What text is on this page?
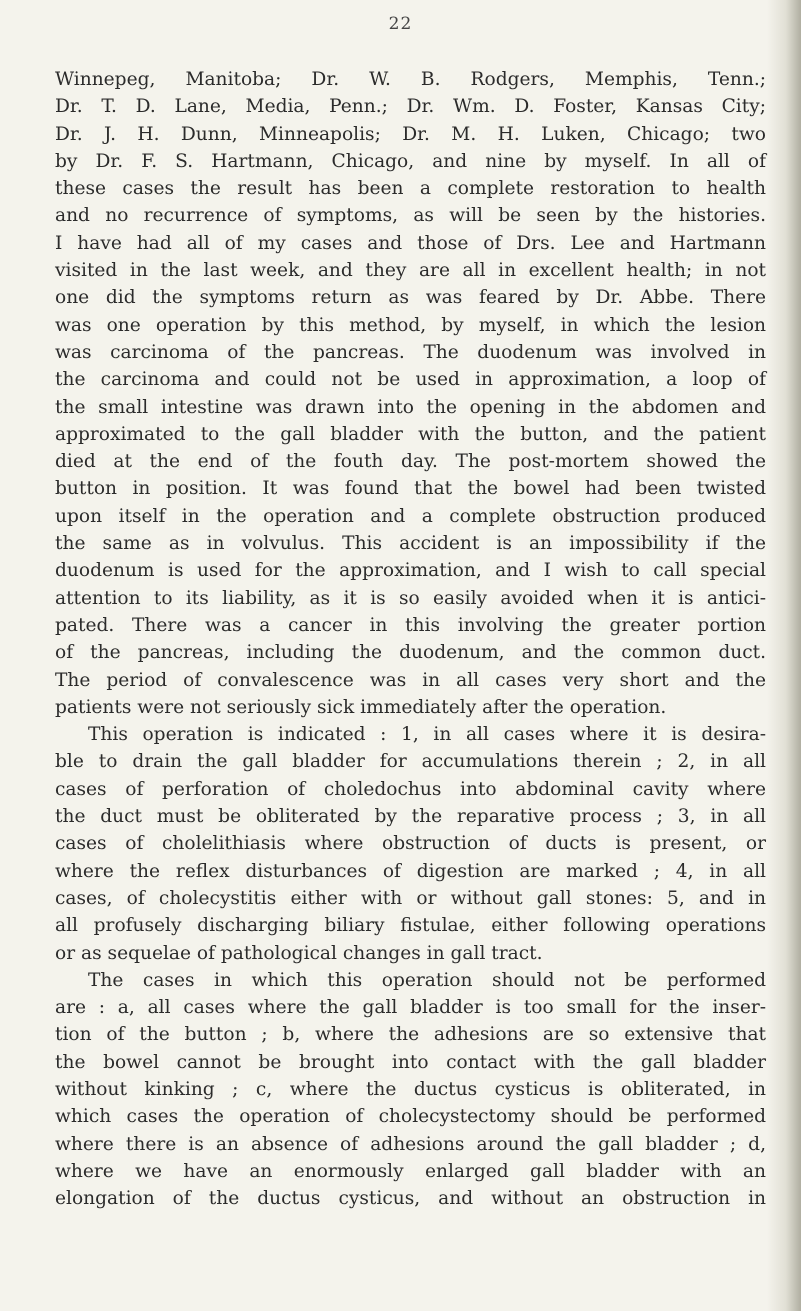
22
Winnepeg, Manitoba; Dr. W. B. Rodgers, Memphis, Tenn.;
Dr. T. D. Lane, Media, Penn.; Dr. Wm. D. Foster, Kansas City;
Dr. J. H. Dunn, Minneapolis; Dr. M. H. Luken, Chicago; two
by Dr. F. S. Hartmann, Chicago, and nine by myself. In all of
these cases the result has been a complete restoration to health
and no recurrence of symptoms, as will be seen by the histories.
I have had all of my cases and those of Drs. Lee and Hartmann
visited in the last week, and they are all in excellent health; in not
one did the symptoms return as was feared by Dr. Abbe. There
was one operation by this method, by myself, in which the lesion
was carcinoma of the pancreas. The duodenum was involved in
the carcinoma and could not be used in approximation, a loop of
the small intestine was drawn into the opening in the abdomen and
approximated to the gall bladder with the button, and the patient
died at the end of the fouth day. The post-mortem showed the
button in position. It was found that the bowel had been twisted
upon itself in the operation and a complete obstruction produced
the same as in volvulus. This accident is an impossibility if the
duodenum is used for the approximation, and I wish to call special
attention to its liability, as it is so easily avoided when it is antici-
pated. There was a cancer in this involving the greater portion
of the pancreas, including the duodenum, and the common duct.
The period of convalescence was in all cases very short and the
patients were not seriously sick immediately after the operation.
This operation is indicated : 1, in all cases where it is desira-
ble to drain the gall bladder for accumulations therein ; 2, in all
cases of perforation of choledochus into abdominal cavity where
the duct must be obliterated by the reparative process ; 3, in all
cases of cholelithiasis where obstruction of ducts is present, or
where the reflex disturbances of digestion are marked ; 4, in all
cases, of cholecystitis either with or without gall stones: 5, and in
all profusely discharging biliary fistulae, either following operations
or as sequelae of pathological changes in gall tract.
The cases in which this operation should not be performed
are : a, all cases where the gall bladder is too small for the inser-
tion of the button ; b, where the adhesions are so extensive that
the bowel cannot be brought into contact with the gall bladder
without kinking ; c, where the ductus cysticus is obliterated, in
which cases the operation of cholecystectomy should be performed
where there is an absence of adhesions around the gall bladder ; d,
where we have an enormously enlarged gall bladder with an
elongation of the ductus cysticus, and without an obstruction in
